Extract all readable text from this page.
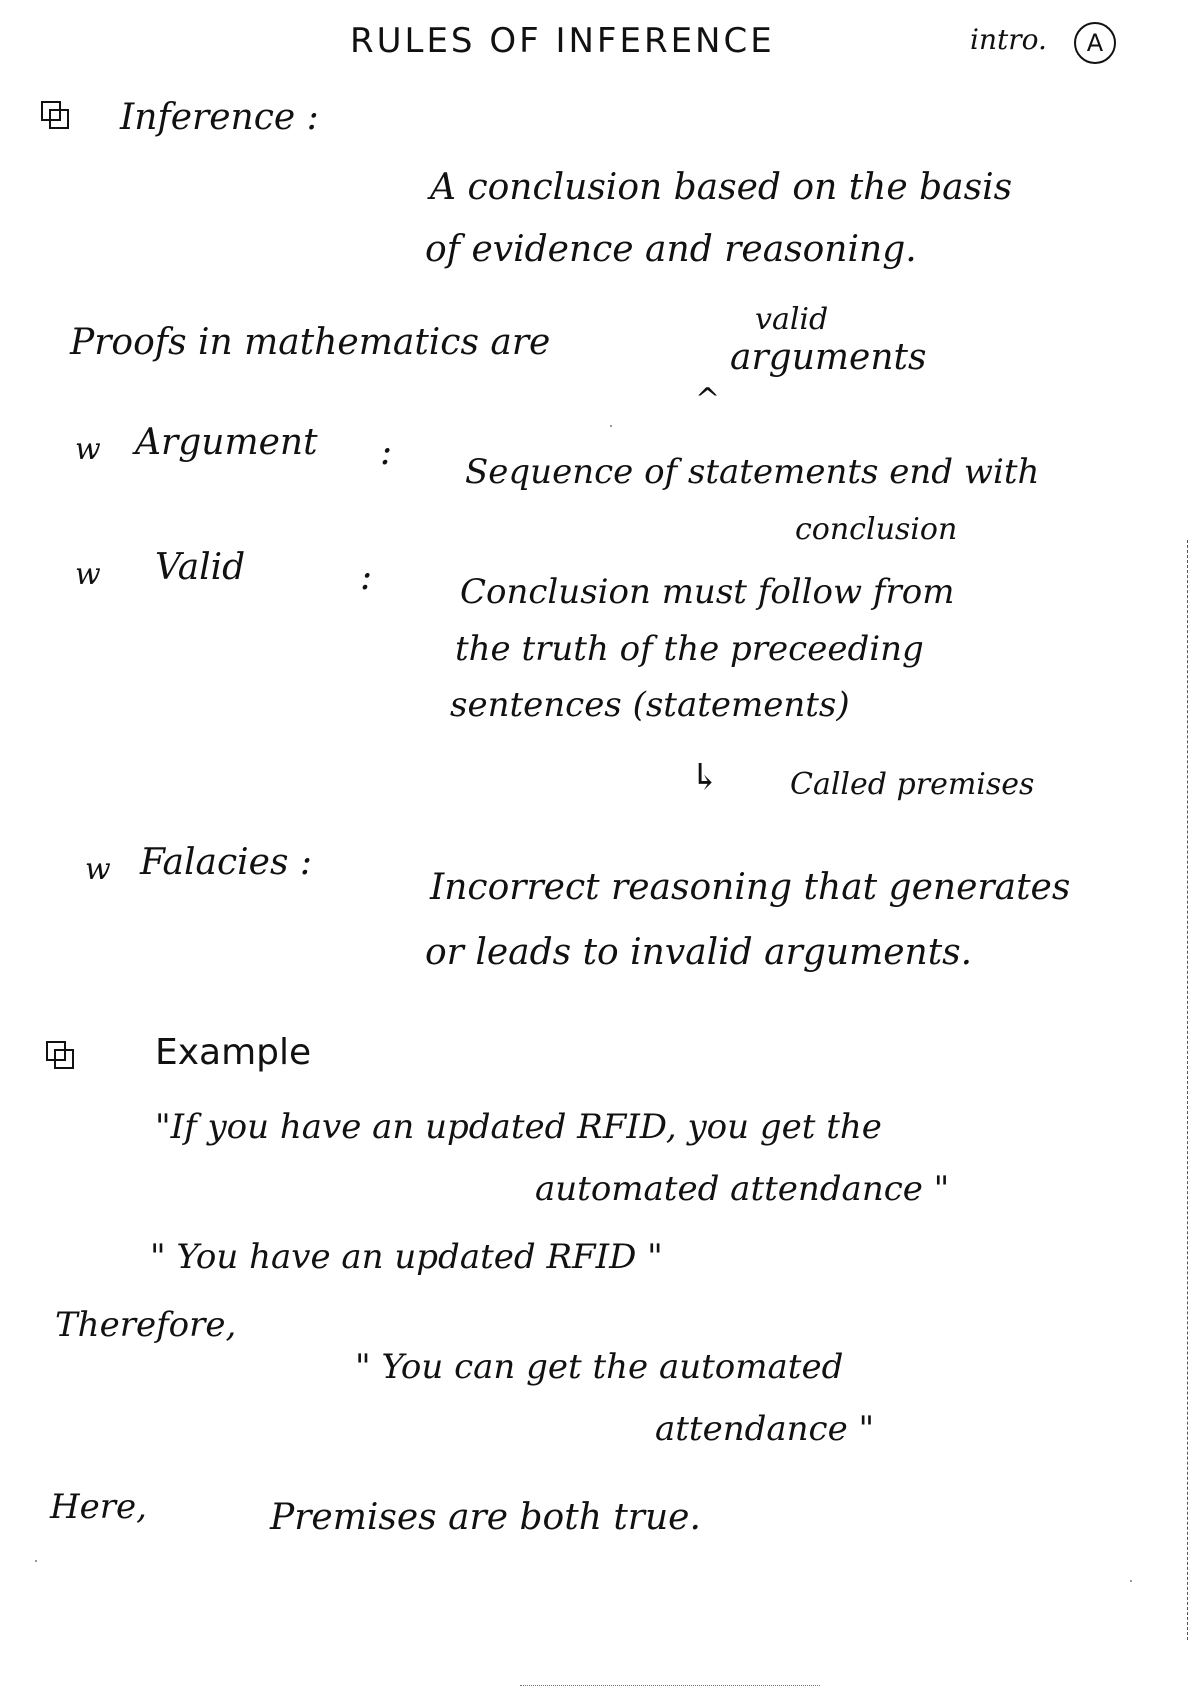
RULES OF INFERENCE	intro.	A
Inference :
A conclusion based on the basis
of evidence and reasoning.
Proofs in mathematics are
valid
^
arguments
w Argument : Sequence of statements end with
conclusion
w Valid	:	Conclusion must follow from
the truth of the preceeding
sentences (statements)
↳ Called premises
w Falacies :
Incorrect reasoning that generates
or leads to invalid arguments.
Example
"If you have an updated RFID, you get the
automated attendance "
" You have an updated RFID "
Therefore,
" You can get the automated
attendance "
Here,	Premises are both true.
